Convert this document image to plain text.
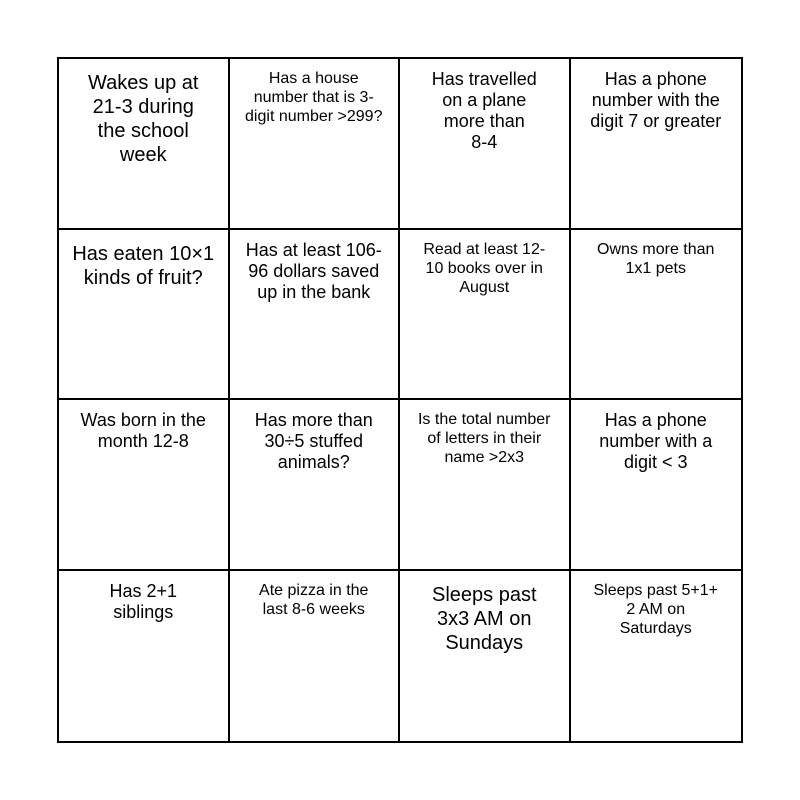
Wakes up at
21-3 during
the school
week
Has a house
number that is 3-
digit number >299?
Has travelled
on a plane
more than
8-4
Has a phone
number with the
digit 7 or greater
Has eaten 10×1
kinds of fruit?
Has at least 106-
96 dollars saved
up in the bank
Read at least 12-
10 books over in
August
Owns more than
1x1 pets
Was born in the
month 12-8
Has more than
30÷5 stuffed
animals?
Is the total number
of letters in their
name >2x3
Has a phone
number with a
digit < 3
Has 2+1
siblings
Ate pizza in the
last 8-6 weeks
Sleeps past
3x3 AM on
Sundays
Sleeps past 5+1+
2 AM on
Saturdays
